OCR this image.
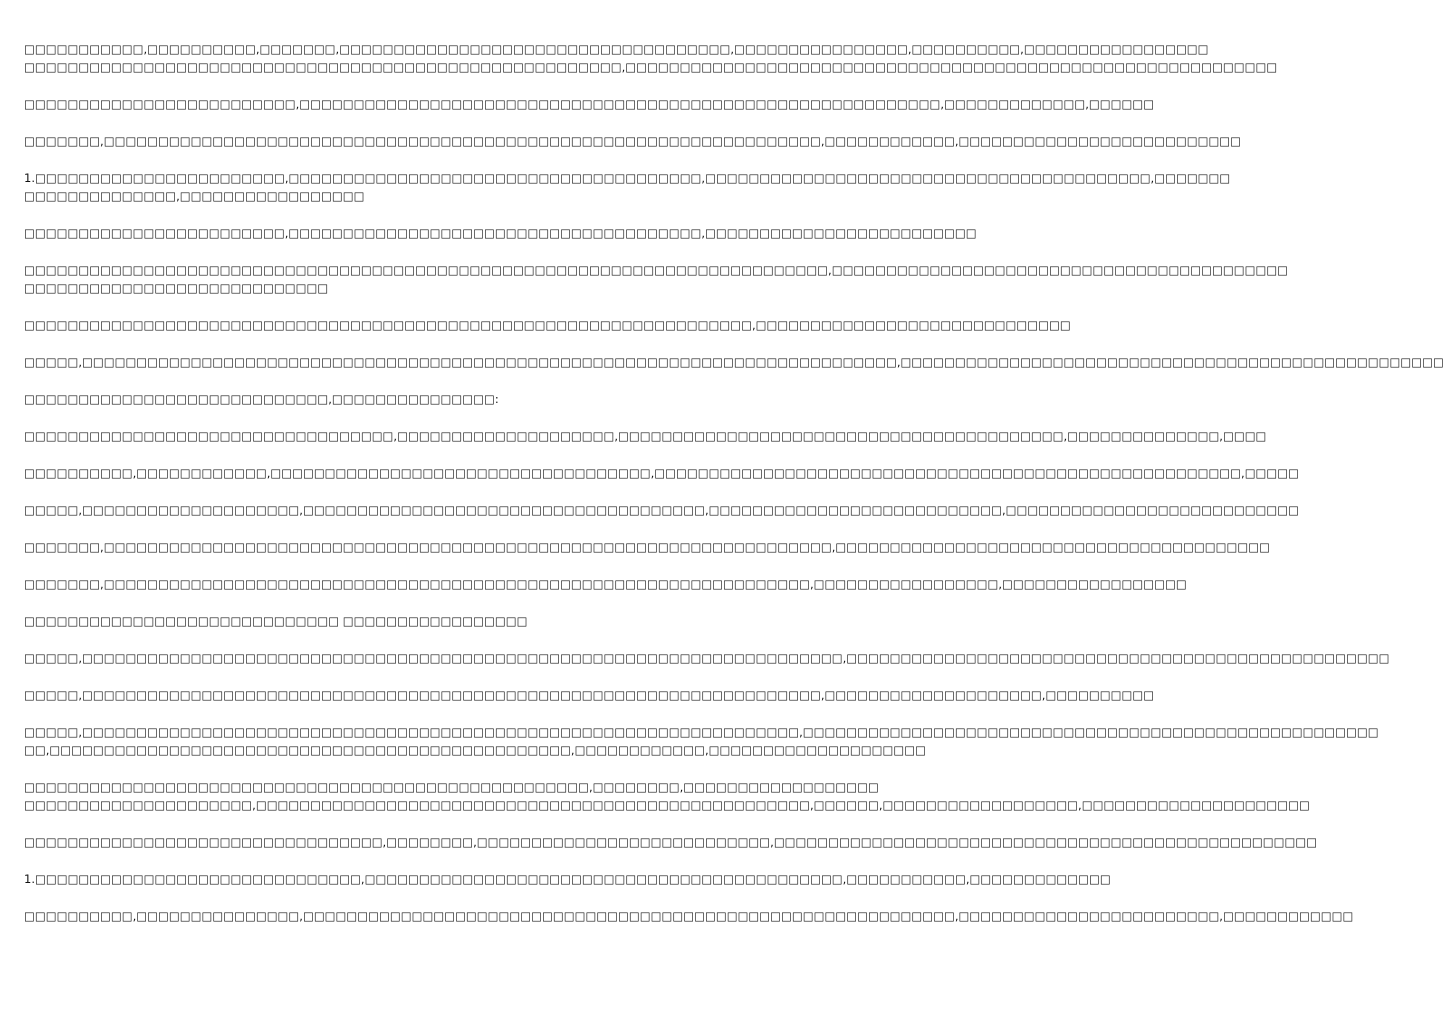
□□□□□□□□□□□,□□□□□□□□□□,□□□□□□□,□□□□□□□□□□□□□□□□□□□□□□□□□□□□□□□□□□□□,□□□□□□□□□□□□□□□□,□□□□□□□□□□,□□□□□□□□□□□□□□□□□
□□□□□□□□□□□□□□□□□□□□□□□□□□□□□□□□□□□□□□□□□□□□□□□□□□□□□□□,□□□□□□□□□□□□□□□□□□□□□□□□□□□□□□□□□□□□□□□□□□□□□□□□□□□□□□□□□□□□

□□□□□□□□□□□□□□□□□□□□□□□□□,□□□□□□□□□□□□□□□□□□□□□□□□□□□□□□□□□□□□□□□□□□□□□□□□□□□□□□□□□□□,□□□□□□□□□□□□□,□□□□□□

□□□□□□□,□□□□□□□□□□□□□□□□□□□□□□□□□□□□□□□□□□□□□□□□□□□□□□□□□□□□□□□□□□□□□□□□□□,□□□□□□□□□□□□,□□□□□□□□□□□□□□□□□□□□□□□□□□

1.□□□□□□□□□□□□□□□□□□□□□□□,□□□□□□□□□□□□□□□□□□□□□□□□□□□□□□□□□□□□□□,□□□□□□□□□□□□□□□□□□□□□□□□□□□□□□□□□□□□□□□□□,□□□□□□□
□□□□□□□□□□□□□□,□□□□□□□□□□□□□□□□□

□□□□□□□□□□□□□□□□□□□□□□□□,□□□□□□□□□□□□□□□□□□□□□□□□□□□□□□□□□□□□□□,□□□□□□□□□□□□□□□□□□□□□□□□□

□□□□□□□□□□□□□□□□□□□□□□□□□□□□□□□□□□□□□□□□□□□□□□□□□□□□□□□□□□□□□□□□□□□□□□□□□□,□□□□□□□□□□□□□□□□□□□□□□□□□□□□□□□□□□□□□□□□□□
□□□□□□□□□□□□□□□□□□□□□□□□□□□□

□□□□□□□□□□□□□□□□□□□□□□□□□□□□□□□□□□□□□□□□□□□□□□□□□□□□□□□□□□□□□□□□□□□,□□□□□□□□□□□□□□□□□□□□□□□□□□□□□

□□□□□,□□□□□□□□□□□□□□□□□□□□□□□□□□□□□□□□□□□□□□□□□□□□□□□□□□□□□□□□□□□□□□□□□□□□□□□□□□□,□□□□□□□□□□□□□□□□□□□□□□□□□□□□□□□□□□□□□□□□□□□□□□□□□□

□□□□□□□□□□□□□□□□□□□□□□□□□□□□,□□□□□□□□□□□□□□□:

□□□□□□□□□□□□□□□□□□□□□□□□□□□□□□□□□□,□□□□□□□□□□□□□□□□□□□□,□□□□□□□□□□□□□□□□□□□□□□□□□□□□□□□□□□□□□□□□□,□□□□□□□□□□□□□□,□□□□

□□□□□□□□□□,□□□□□□□□□□□□,□□□□□□□□□□□□□□□□□□□□□□□□□□□□□□□□□□□,□□□□□□□□□□□□□□□□□□□□□□□□□□□□□□□□□□□□□□□□□□□□□□□□□□□□□□,□□□□□

□□□□□,□□□□□□□□□□□□□□□□□□□□,□□□□□□□□□□□□□□□□□□□□□□□□□□□□□□□□□□□□□,□□□□□□□□□□□□□□□□□□□□□□□□□□□,□□□□□□□□□□□□□□□□□□□□□□□□□□□

□□□□□□□,□□□□□□□□□□□□□□□□□□□□□□□□□□□□□□□□□□□□□□□□□□□□□□□□□□□□□□□□□□□□□□□□□□□,□□□□□□□□□□□□□□□□□□□□□□□□□□□□□□□□□□□□□□□□

□□□□□□□,□□□□□□□□□□□□□□□□□□□□□□□□□□□□□□□□□□□□□□□□□□□□□□□□□□□□□□□□□□□□□□□□□,□□□□□□□□□□□□□□□□□,□□□□□□□□□□□□□□□□□

□□□□□□□□□□□□□□□□□□□□□□□□□□□□□ □□□□□□□□□□□□□□□□□

□□□□□,□□□□□□□□□□□□□□□□□□□□□□□□□□□□□□□□□□□□□□□□□□□□□□□□□□□□□□□□□□□□□□□□□□□□□□,□□□□□□□□□□□□□□□□□□□□□□□□□□□□□□□□□□□□□□□□□□□□□□□□□□

□□□□□,□□□□□□□□□□□□□□□□□□□□□□□□□□□□□□□□□□□□□□□□□□□□□□□□□□□□□□□□□□□□□□□□□□□□,□□□□□□□□□□□□□□□□□□□□,□□□□□□□□□□

□□□□□,□□□□□□□□□□□□□□□□□□□□□□□□□□□□□□□□□□□□□□□□□□□□□□□□□□□□□□□□□□□□□□□□□□,□□□□□□□□□□□□□□□□□□□□□□□□□□□□□□□□□□□□□□□□□□□□□□□□□□□□□
□□,□□□□□□□□□□□□□□□□□□□□□□□□□□□□□□□□□□□□□□□□□□□□□□□□,□□□□□□□□□□□□,□□□□□□□□□□□□□□□□□□□□

□□□□□□□□□□□□□□□□□□□□□□□□□□□□□□□□□□□□□□□□□□□□□□□□□□□□,□□□□□□□□,□□□□□□□□□□□□□□□□□□
□□□□□□□□□□□□□□□□□□□□□,□□□□□□□□□□□□□□□□□□□□□□□□□□□□□□□□□□□□□□□□□□□□□□□□□□□,□□□□□□,□□□□□□□□□□□□□□□□□□,□□□□□□□□□□□□□□□□□□□□□

□□□□□□□□□□□□□□□□□□□□□□□□□□□□□□□□□,□□□□□□□□,□□□□□□□□□□□□□□□□□□□□□□□□□□□,□□□□□□□□□□□□□□□□□□□□□□□□□□□□□□□□□□□□□□□□□□□□□□□□□□

1.□□□□□□□□□□□□□□□□□□□□□□□□□□□□□□,□□□□□□□□□□□□□□□□□□□□□□□□□□□□□□□□□□□□□□□□□□□□,□□□□□□□□□□□,□□□□□□□□□□□□□

□□□□□□□□□□,□□□□□□□□□□□□□□□,□□□□□□□□□□□□□□□□□□□□□□□□□□□□□□□□□□□□□□□□□□□□□□□□□□□□□□□□□□□□,□□□□□□□□□□□□□□□□□□□□□□□□,□□□□□□□□□□□□
